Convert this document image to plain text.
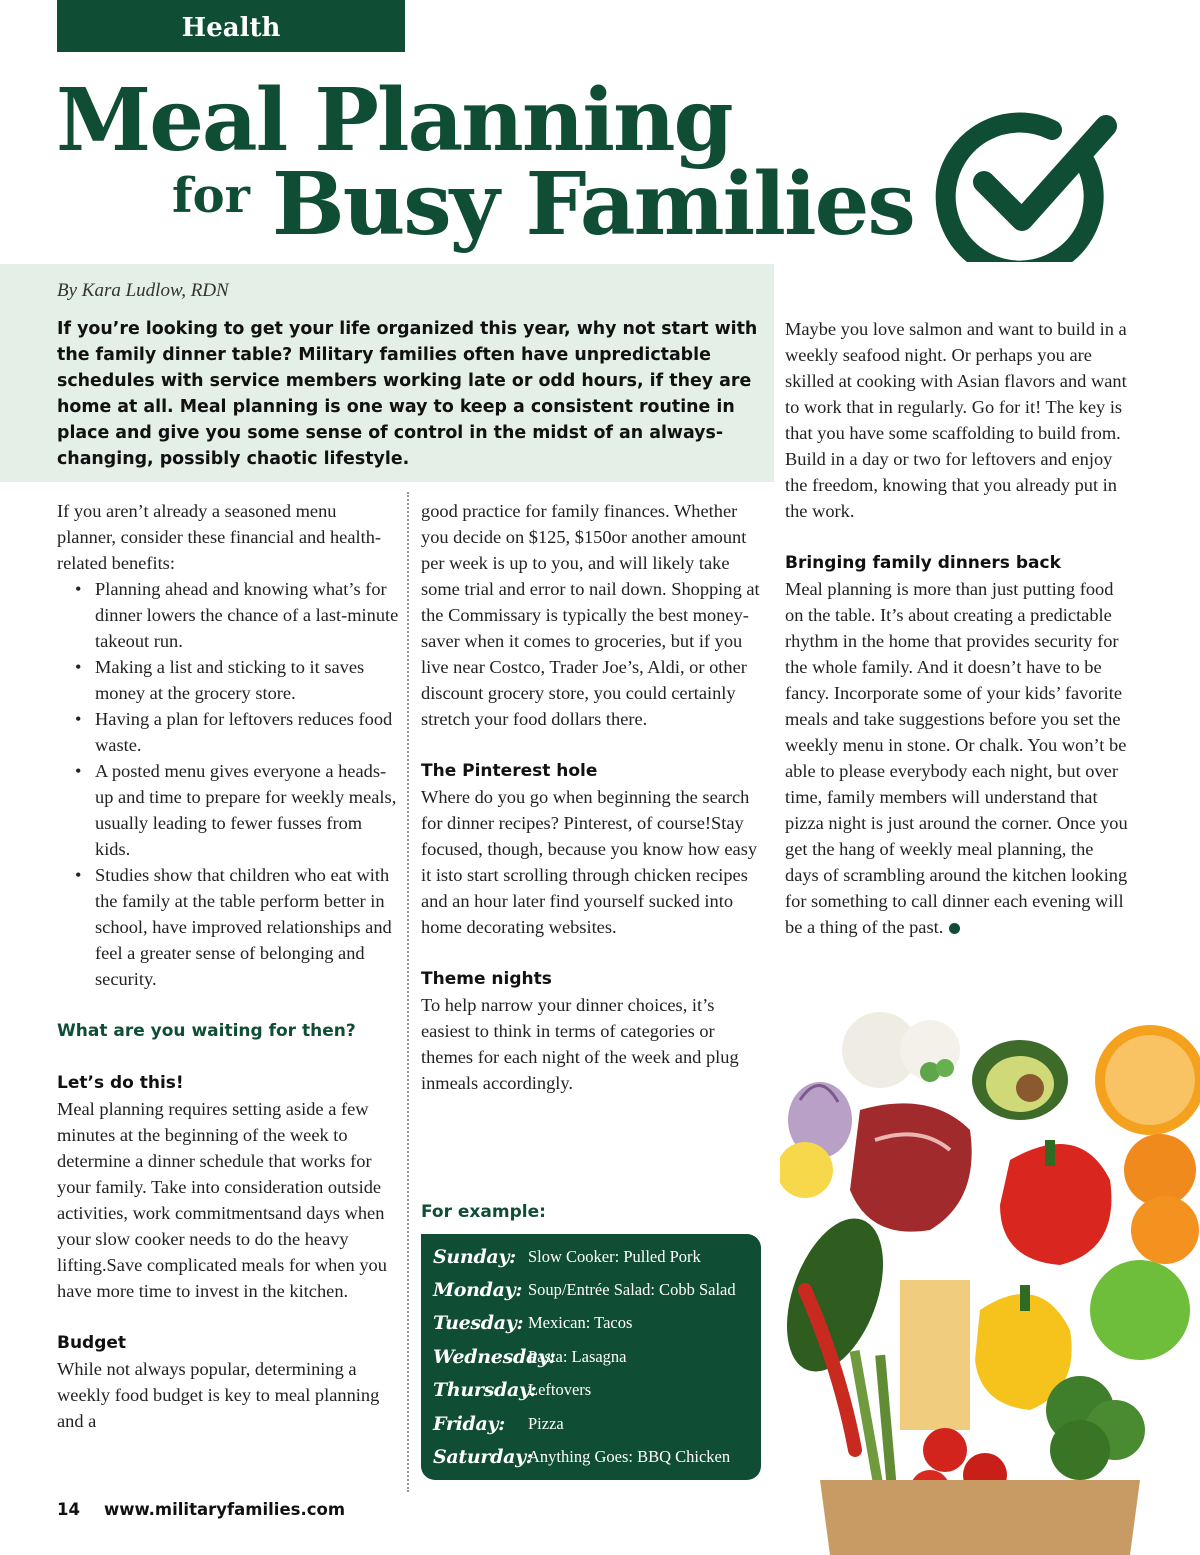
Health
Meal Planning
for Busy Families
By Kara Ludlow, RDN
If you’re looking to get your life organized this year, why not start with the family dinner table? Military families often have unpredictable schedules with service members working late or odd hours, if they are home at all. Meal planning is one way to keep a consistent routine in place and give you some sense of control in the midst of an always-changing, possibly chaotic lifestyle.

If you aren’t already a seasoned menu planner, consider these financial and health-related benefits:

• Planning ahead and knowing what’s for dinner lowers the chance of a last-minute takeout run.
• Making a list and sticking to it saves money at the grocery store.
• Having a plan for leftovers reduces food waste.
• A posted menu gives everyone a heads-up and time to prepare for weekly meals, usually leading to fewer fusses from kids.
• Studies show that children who eat with the family at the table perform better in school, have improved relationships and feel a greater sense of belonging and security.

What are you waiting for then?

Let’s do this!

Meal planning requires setting aside a few minutes at the beginning of the week to determine a dinner schedule that works for your family. Take into consideration outside activities, work commitmentsand days when your slow cooker needs to do the heavy lifting.Save complicated meals for when you have more time to invest in the kitchen.

Budget

While not always popular, determining a weekly food budget is key to meal planning and a

good practice for family finances. Whether you decide on $125, $150or another amount per week is up to you, and will likely take some trial and error to nail down. Shopping at the Commissary is typically the best money-saver when it comes to groceries, but if you live near Costco, Trader Joe’s, Aldi, or other discount grocery store, you could certainly stretch your food dollars there.

The Pinterest hole

Where do you go when beginning the search for dinner recipes? Pinterest, of course!Stay focused, though, because you know how easy it isto start scrolling through chicken recipes and an hour later find yourself sucked into home decorating websites.

Theme nights

To help narrow your dinner choices, it’s easiest to think in terms of categories or themes for each night of the week and plug inmeals accordingly.

For example:
Sunday: Slow Cooker: Pulled Pork
Monday: Soup/Entrée Salad: Cobb Salad
Tuesday: Mexican: Tacos
Wednesday:
Pasta: Lasagna
Thursday:
Leftovers
Friday:	Pizza
Saturday:
Anything Goes: BBQ Chicken

Maybe you love salmon and want to build in a weekly seafood night. Or perhaps you are skilled at cooking with Asian flavors and want to work that in regularly. Go for it! The key is that you have some scaffolding to build from. Build in a day or two for leftovers and enjoy the freedom, knowing that you already put in the work.

Bringing family dinners back

Meal planning is more than just putting food on the table. It’s about creating a predictable rhythm in the home that provides security for the whole family. And it doesn’t have to be fancy. Incorporate some of your kids’ favorite meals and take suggestions before you set the weekly menu in stone. Or chalk. You won’t be able to please everybody each night, but over time, family members will understand that pizza night is just around the corner. Once you get the hang of weekly meal planning, the days of scrambling around the kitchen looking for something to call dinner each evening will be a thing of the past.

14 www.militaryfamilies.com
